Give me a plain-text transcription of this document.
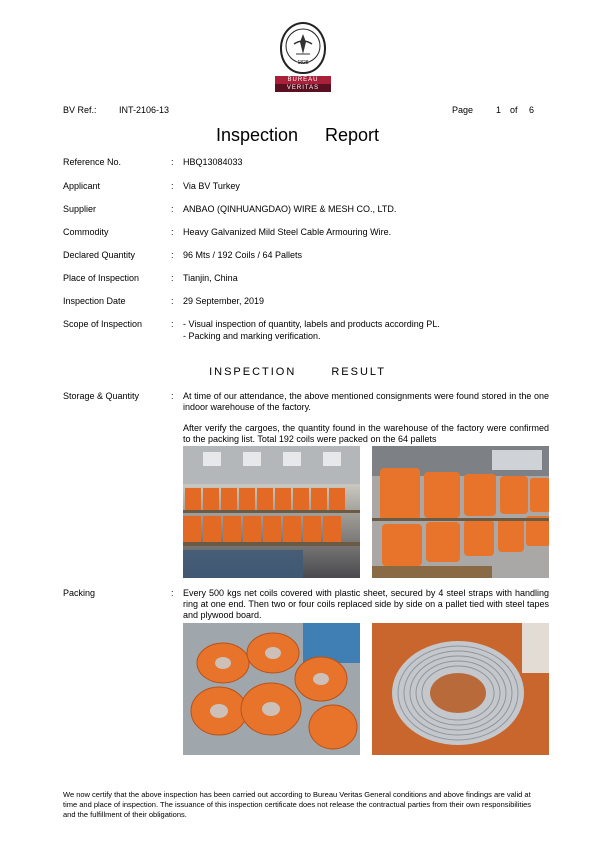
1828
BUREAU
VERITAS
BV Ref.: INT-2106-13	Page	1 of 6
Inspection Report
Reference No.	: HBQ13084033
Applicant	: Via BV Turkey
Supplier	: ANBAO (QINHUANGDAO) WIRE & MESH CO., LTD.
Commodity	: Heavy Galvanized Mild Steel Cable Armouring Wire.
Declared Quantity	: 96 Mts / 192 Coils / 64 Pallets
Place of Inspection	: Tianjin, China
Inspection Date	: 29 September, 2019
Scope of Inspection	: - Visual inspection of quantity, labels and products according PL.
- Packing and marking verification.
INSPECTION RESULT
Storage & Quantity	: At time of our attendance, the above mentioned consignments were found stored in the one indoor warehouse of the factory.
After verify the cargoes, the quantity found in the warehouse of the factory were confirmed to the packing list. Total 192 coils were packed on the 64 pallets
Packing	: Every 500 kgs net coils covered with plastic sheet, secured by 4 steel straps with handling ring at one end. Then two or four coils replaced side by side on a pallet tied with steel tapes and plywood board.
We now certify that the above inspection has been carried out according to Bureau Veritas General conditions and above findings are valid at time and place of inspection. The issuance of this inspection certificate does not release the contractual parties from their own responsibilities and the fulfillment of their obligations.
